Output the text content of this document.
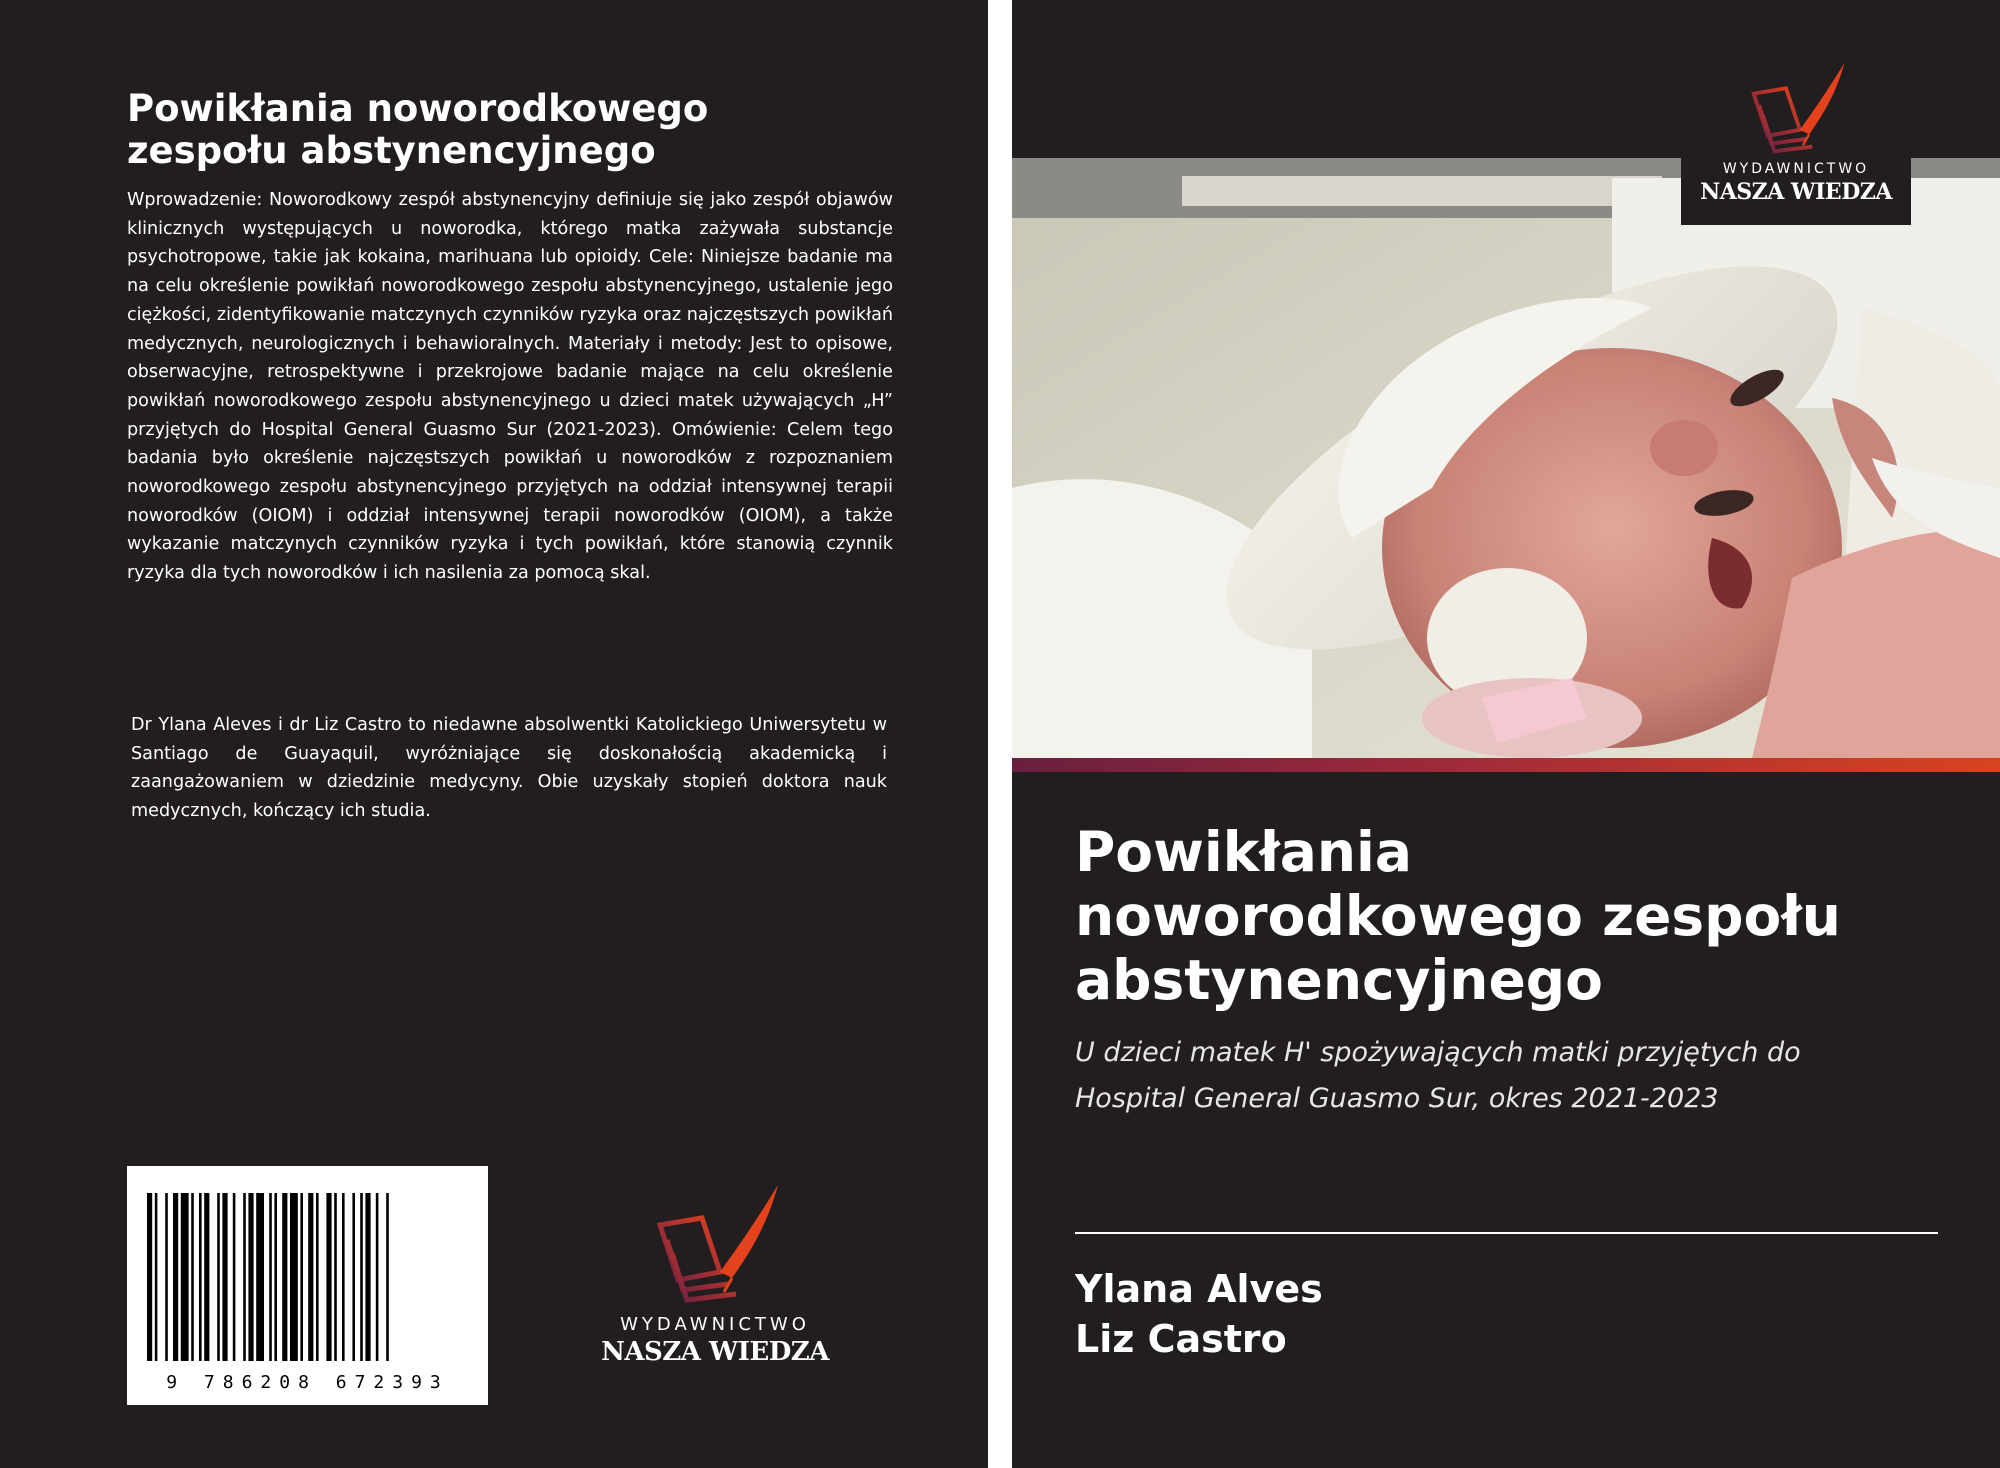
Powikłania noworodkowego
zespołu abstynencyjnego

Wprowadzenie: Noworodkowy zespół abstynencyjny definiuje się jako zespół objawów klinicznych występujących u noworodka, którego matka zażywała substancje psychotropowe, takie jak kokaina, marihuana lub opioidy. Cele: Niniejsze badanie ma na celu określenie powikłań noworodkowego zespołu abstynencyjnego, ustalenie jego ciężkości, zidentyfikowanie matczynych czynników ryzyka oraz najczęstszych powikłań medycznych, neurologicznych i behawioralnych. Materiały i metody: Jest to opisowe, obserwacyjne, retrospektywne i przekrojowe badanie mające na celu określenie powikłań noworodkowego zespołu abstynencyjnego u dzieci matek używających „H” przyjętych do Hospital General Guasmo Sur (2021-2023). Omówienie: Celem tego badania było określenie najczęstszych powikłań u noworodków z rozpoznaniem noworodkowego zespołu abstynencyjnego przyjętych na oddział intensywnej terapii noworodków (OIOM) i oddział intensywnej terapii noworodków (OIOM), a także wykazanie matczynych czynników ryzyka i tych powikłań, które stanowią czynnik ryzyka dla tych noworodków i ich nasilenia za pomocą skal.

Dr Ylana Aleves i dr Liz Castro to niedawne absolwentki Katolickiego Uniwersytetu w Santiago de Guayaquil, wyróżniające się doskonałością akademicką i zaangażowaniem w dziedzinie medycyny. Obie uzyskały stopień doktora nauk medycznych, kończący ich studia.

9 786208 672393
WYDAWNICTWO
NASZA WIEDZA
WYDAWNICTWO
NASZA WIEDZA
Powikłania
noworodkowego zespołu
abstynencyjnego

U dzieci matek H' spożywających matki przyjętych do
Hospital General Guasmo Sur, okres 2021-2023

Ylana Alves
Liz Castro
